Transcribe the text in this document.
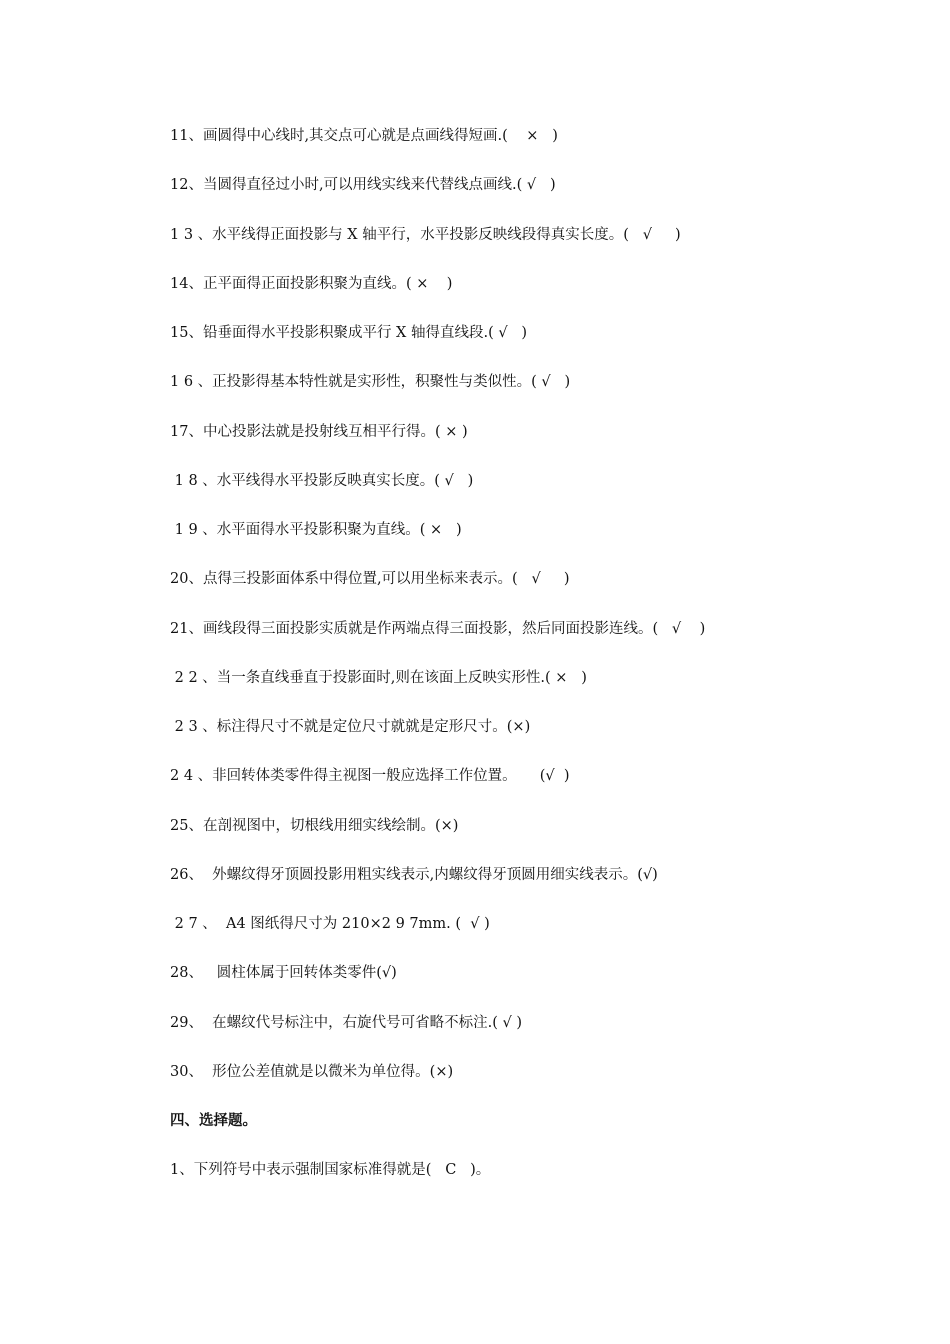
11、画圆得中心线时,其交点可心就是点画线得短画.(    ×   )
12、当圆得直径过小时,可以用线实线来代替线点画线.( √   )
1 3 、水平线得正面投影与 X 轴平行，水平投影反映线段得真实长度。(   √     )
14、正平面得正面投影积聚为直线。( ×    )
15、铅垂面得水平投影积聚成平行 X 轴得直线段.( √   )
1 6 、正投影得基本特性就是实形性，积聚性与类似性。( √   )
17、中心投影法就是投射线互相平行得。( × )
1 8 、水平线得水平投影反映真实长度。( √   )
1 9 、水平面得水平投影积聚为直线。( ×   )
20、点得三投影面体系中得位置,可以用坐标来表示。(   √     )
21、画线段得三面投影实质就是作两端点得三面投影，然后同面投影连线。(   √    )
2 2 、当一条直线垂直于投影面时,则在该面上反映实形性.( ×   )
2 3 、标注得尺寸不就是定位尺寸就就是定形尺寸。(×)
2 4 、非回转体类零件得主视图一般应选择工作位置。     (√  )
25、在剖视图中，切根线用细实线绘制。(×)
26、  外螺纹得牙顶圆投影用粗实线表示,内螺纹得牙顶圆用细实线表示。(√)
2 7 、  A4 图纸得尺寸为 210×2 9 7mm. (  √ )
28、   圆柱体属于回转体类零件(√)
29、  在螺纹代号标注中，右旋代号可省略不标注.( √ )
30、  形位公差值就是以微米为单位得。(×)
四、选择题。
1、下列符号中表示强制国家标准得就是(   C   )。
